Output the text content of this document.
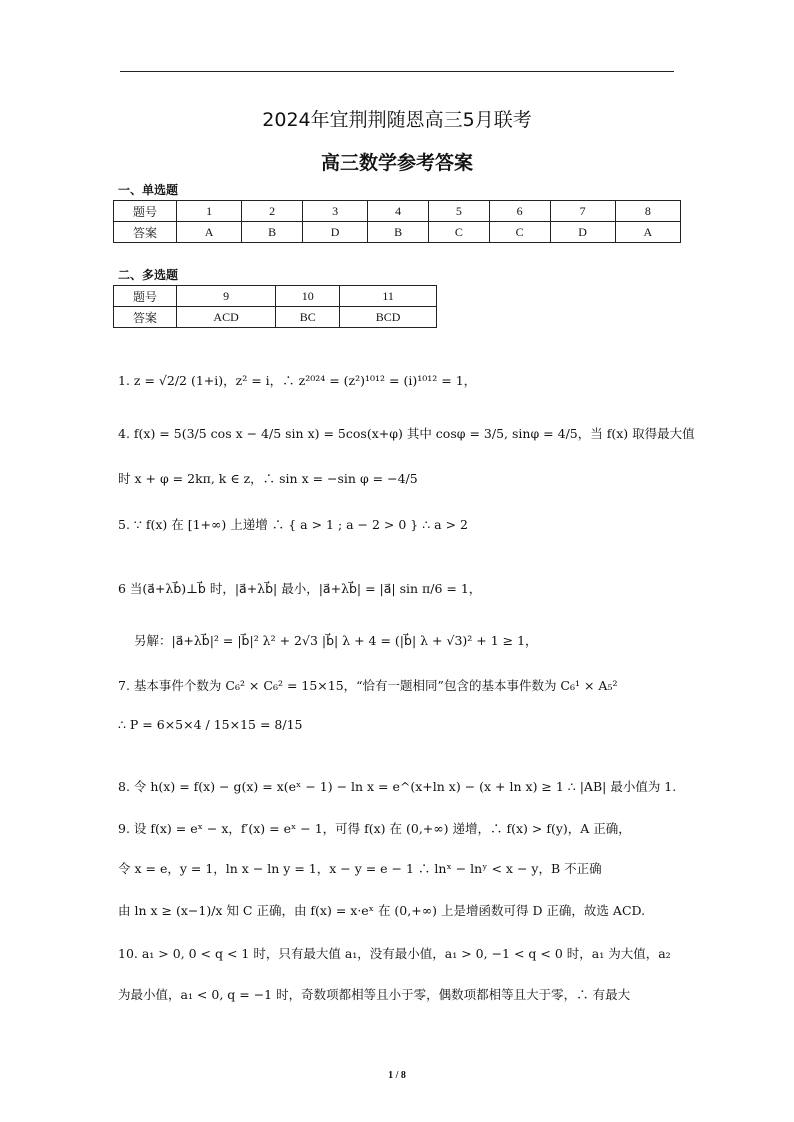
2024年宜荆荆随恩高三5月联考
高三数学参考答案
一、单选题
题号	1	2	3	4	5	6	7	8
答案	A	B	D	B	C	C	D	A
二、多选题
题号	9	10	11
答案	ACD	BC	BCD
1. z = √2/2 (1+i)，z² = i，∴ z²⁰²⁴ = (z²)¹⁰¹² = (i)¹⁰¹² = 1，
4. f(x) = 5(3/5 cos x − 4/5 sin x) = 5cos(x+φ) 其中 cosφ = 3/5, sinφ = 4/5，当 f(x) 取得最大值
时 x + φ = 2kπ, k ∈ z，∴ sin x = −sin φ = −4/5
5. ∵ f(x) 在 [1+∞) 上递增 ∴ { a > 1 ; a − 2 > 0 } ∴ a > 2
6 当(a⃗+λb⃗)⊥b⃗ 时，|a⃗+λb⃗| 最小，|a⃗+λb⃗| = |a⃗| sin π/6 = 1，
另解：|a⃗+λb⃗|² = |b⃗|² λ² + 2√3 |b⃗| λ + 4 = (|b⃗| λ + √3)² + 1 ≥ 1，
7. 基本事件个数为 C₆² × C₆² = 15×15，“恰有一题相同”包含的基本事件数为 C₆¹ × A₅²
∴ P = 6×5×4 / 15×15 = 8/15
8. 令 h(x) = f(x) − g(x) = x(eˣ − 1) − ln x = e^(x+ln x) − (x + ln x) ≥ 1 ∴ |AB| 最小值为 1.
9. 设 f(x) = eˣ − x，f′(x) = eˣ − 1，可得 f(x) 在 (0,+∞) 递增，∴ f(x) > f(y)，A 正确，
令 x = e，y = 1，ln x − ln y = 1，x − y = e − 1 ∴ lnˣ − lnʸ < x − y，B 不正确
由 ln x ≥ (x−1)/x 知 C 正确，由 f(x) = x·eˣ 在 (0,+∞) 上是增函数可得 D 正确，故选 ACD.
10. a₁ > 0, 0 < q < 1 时，只有最大值 a₁，没有最小值，a₁ > 0, −1 < q < 0 时，a₁ 为大值，a₂
为最小值，a₁ < 0, q = −1 时，奇数项都相等且小于零，偶数项都相等且大于零，∴ 有最大
1 / 8
